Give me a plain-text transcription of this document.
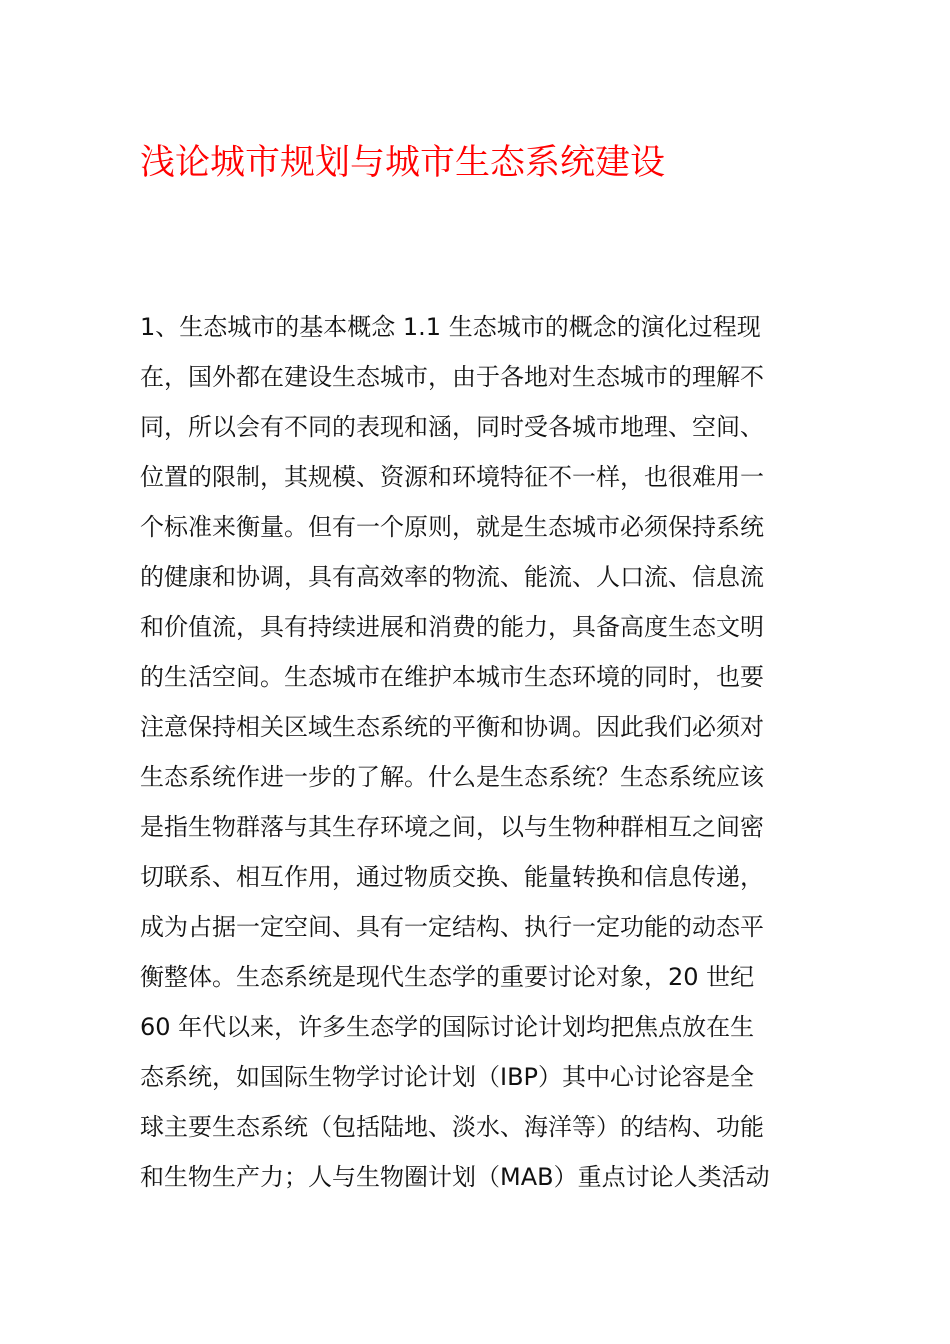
浅论城市规划与城市生态系统建设
1、生态城市的基本概念 1.1 生态城市的概念的演化过程现
在，国外都在建设生态城市，由于各地对生态城市的理解不
同，所以会有不同的表现和涵，同时受各城市地理、空间、
位置的限制，其规模、资源和环境特征不一样，也很难用一
个标准来衡量。但有一个原则，就是生态城市必须保持系统
的健康和协调，具有高效率的物流、能流、人口流、信息流
和价值流，具有持续进展和消费的能力，具备高度生态文明
的生活空间。生态城市在维护本城市生态环境的同时，也要
注意保持相关区域生态系统的平衡和协调。因此我们必须对
生态系统作进一步的了解。什么是生态系统？生态系统应该
是指生物群落与其生存环境之间，以与生物种群相互之间密
切联系、相互作用，通过物质交换、能量转换和信息传递，
成为占据一定空间、具有一定结构、执行一定功能的动态平
衡整体。生态系统是现代生态学的重要讨论对象，20 世纪
60 年代以来，许多生态学的国际讨论计划均把焦点放在生
态系统，如国际生物学讨论计划（IBP）其中心讨论容是全
球主要生态系统（包括陆地、淡水、海洋等）的结构、功能
和生物生产力；人与生物圈计划（MAB）重点讨论人类活动
